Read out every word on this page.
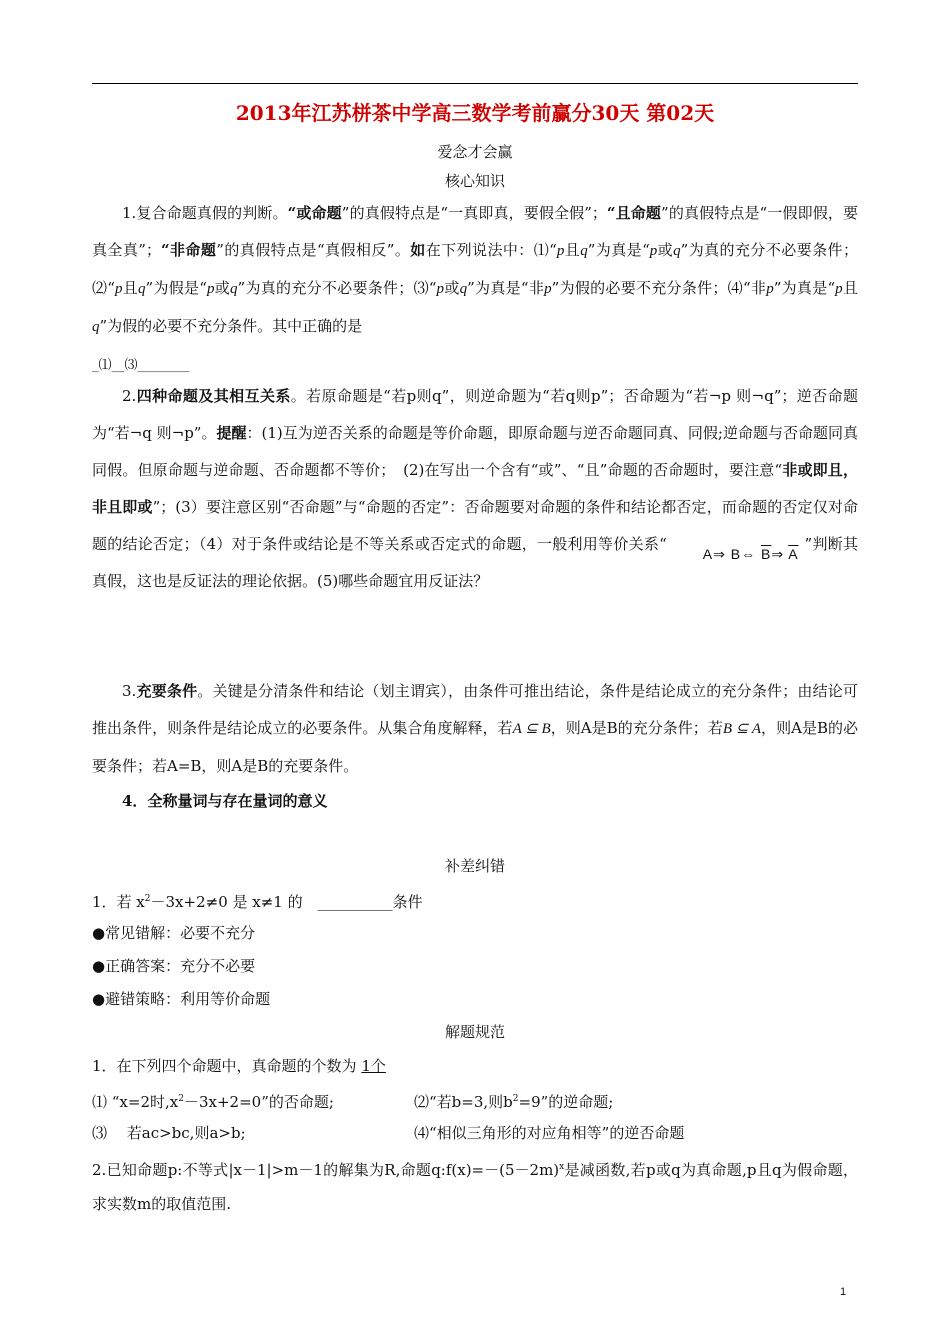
2013年江苏栟茶中学高三数学考前赢分30天 第02天
爱念才会赢
核心知识
1.复合命题真假的判断。“或命题”的真假特点是“一真即真，要假全假”；“且命题”的真假特点是“一假即假，要真全真”；“非命题”的真假特点是“真假相反”。如在下列说法中：⑴“p且q”为真是“p或q”为真的充分不必要条件；⑵“p且q”为假是“p或q”为真的充分不必要条件；⑶“p或q”为真是“非p”为假的必要不充分条件；⑷“非p”为真是“p且q”为假的必要不充分条件。其中正确的是
_⑴__⑶________
2.四种命题及其相互关系。若原命题是“若p则q”，则逆命题为“若q则p”；否命题为“若¬p 则¬q”；逆否命题为“若¬q 则¬p”。提醒：(1)互为逆否关系的命题是等价命题，即原命题与逆否命题同真、同假;逆命题与否命题同真同假。但原命题与逆命题、否命题都不等价；　(2)在写出一个含有“或”、“且”命题的否命题时，要注意“非或即且，非且即或”；(3）要注意区别“否命题”与“命题的否定”：否命题要对命题的条件和结论都否定，而命题的否定仅对命题的结论否定；（4）对于条件或结论是不等关系或否定式的命题，一般利用等价关系“A⇒ B⇔ $\overline{B}\Rightarrow$ $\overline{A}$”判断其真假，这也是反证法的理论依据。(5)哪些命题宜用反证法？
3.充要条件。关键是分清条件和结论（划主谓宾），由条件可推出结论，条件是结论成立的充分条件；由结论可推出条件，则条件是结论成立的必要条件。从集合角度解释，若A ⊆ B，则A是B的充分条件；若B ⊆ A，则A是B的必要条件；若A=B，则A是B的充要条件。
4．全称量词与存在量词的意义
补差纠错
1．若 $x^2-3x+2\ne 0$ 是 x≠1 的　__________条件
●常见错解：必要不充分
●正确答案：充分不必要
●避错策略：利用等价命题
解题规范
1．在下列四个命题中，真命题的个数为 1个
⑴ “x=2时$,x^2-3x+2=0$”的否命题;	⑵“若b=3,则$b^2=9$”的逆命题;
⑶　 若ac>bc,则a>b;	⑷“相似三角形的对应角相等”的逆否命题
2.已知命题p:不等式|x－1|>m－1的解集为R,命题$q:f(x)=-(5-2m)^x$是减函数,若p或q为真命题,p且q为假命题，求实数m的取值范围.
1
